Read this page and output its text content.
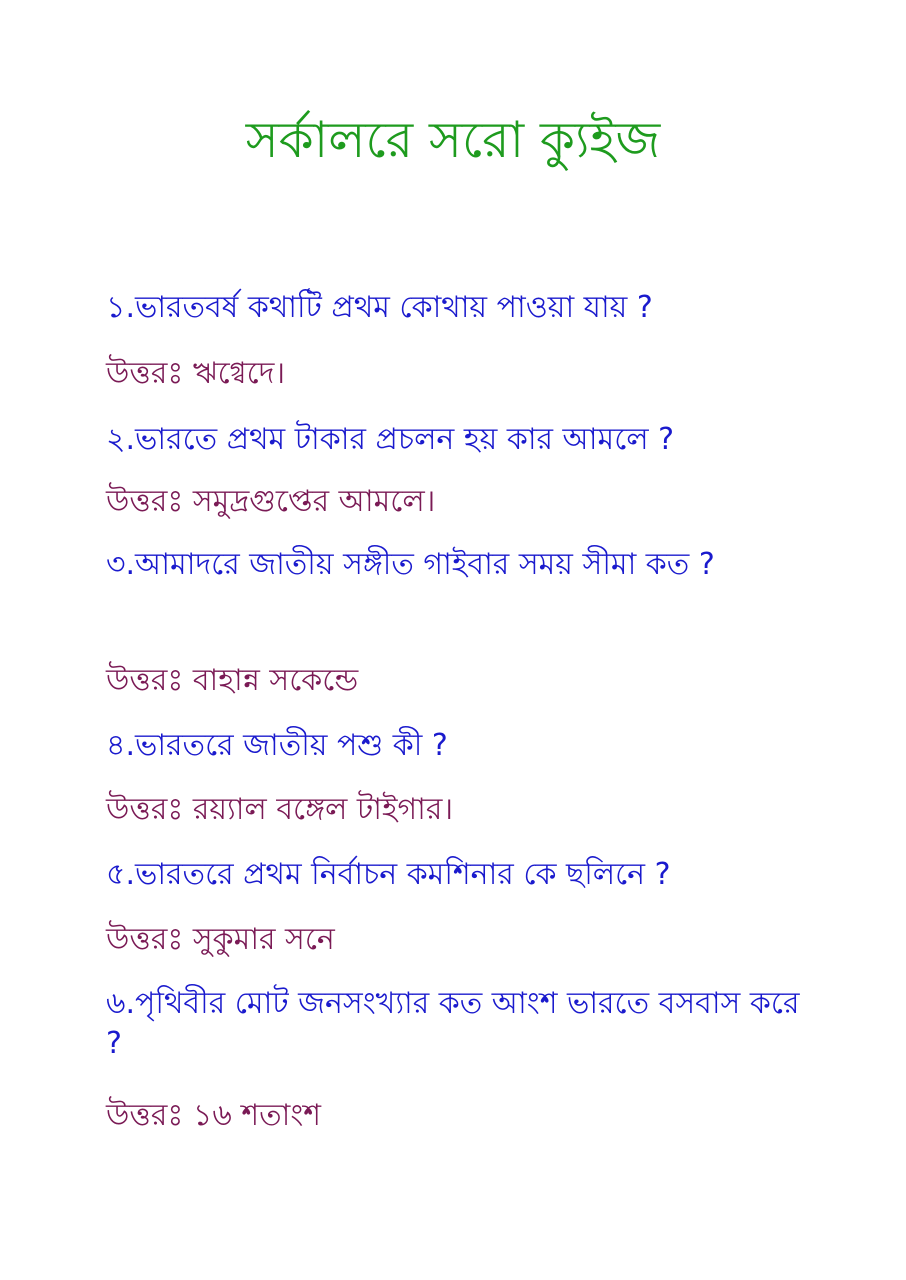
সর্কালরে সরো ক্যুইজ

১.ভারতবর্ষ কথাটি প্রথম কোথায় পাওয়া যায় ?

উত্তরঃ ঋগ্বেদে।

২.ভারতে প্রথম টাকার প্রচলন হয় কার আমলে ?

উত্তরঃ সমুদ্রগুপ্তের আমলে।

৩.আমাদরে জাতীয় সঙ্গীত গাইবার সময় সীমা কত ?

উত্তরঃ বাহান্ন সকেন্ডে

৪.ভারতরে জাতীয় পশু কী ?

উত্তরঃ রয়্যাল বঙ্গেল টাইগার।

৫.ভারতরে প্রথম নির্বাচন কমশিনার কে ছলিনে ?

উত্তরঃ সুকুমার সনে

৬.পৃথিবীর মোট জনসংখ্যার কত আংশ ভারতে বসবাস করে ?

উত্তরঃ ১৬ শতাংশ
